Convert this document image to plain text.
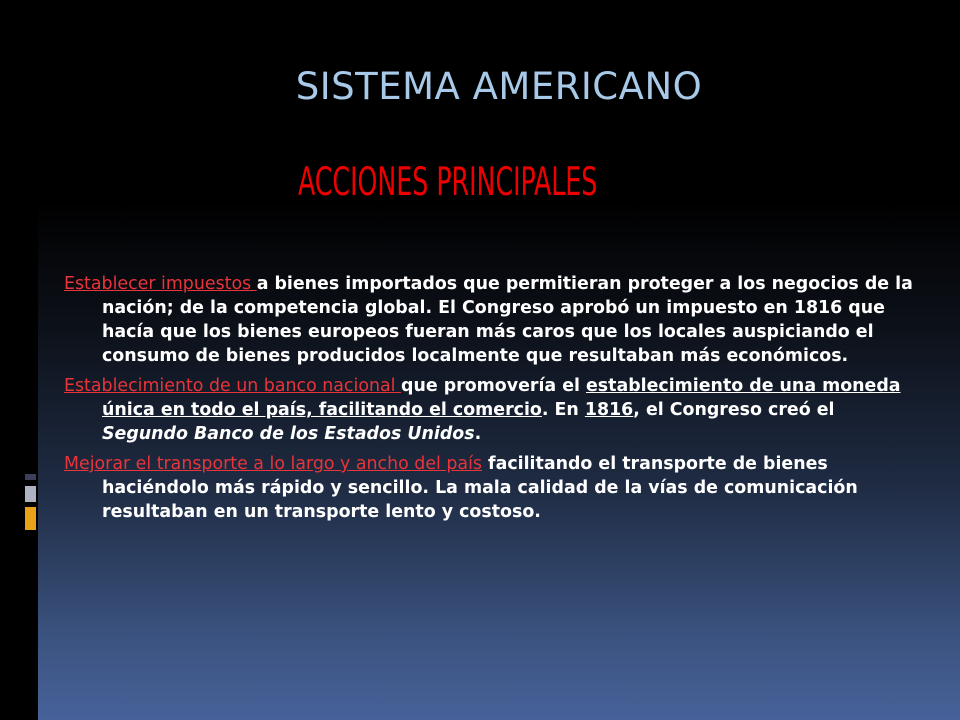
SISTEMA AMERICANO
ACCIONES PRINCIPALES

Establecer impuestos a bienes importados que permitieran proteger a los negocios de la nación; de la competencia global. El Congreso aprobó un impuesto en 1816 que hacía que los bienes europeos fueran más caros que los locales auspiciando el consumo de bienes producidos localmente que resultaban más económicos.

Establecimiento de un banco nacional que promovería el establecimiento de una moneda única en todo el país, facilitando el comercio. En 1816, el Congreso creó el Segundo Banco de los Estados Unidos.

Mejorar el transporte a lo largo y ancho del país facilitando el transporte de bienes haciéndolo más rápido y sencillo. La mala calidad de la vías de comunicación resultaban en un transporte lento y costoso.
